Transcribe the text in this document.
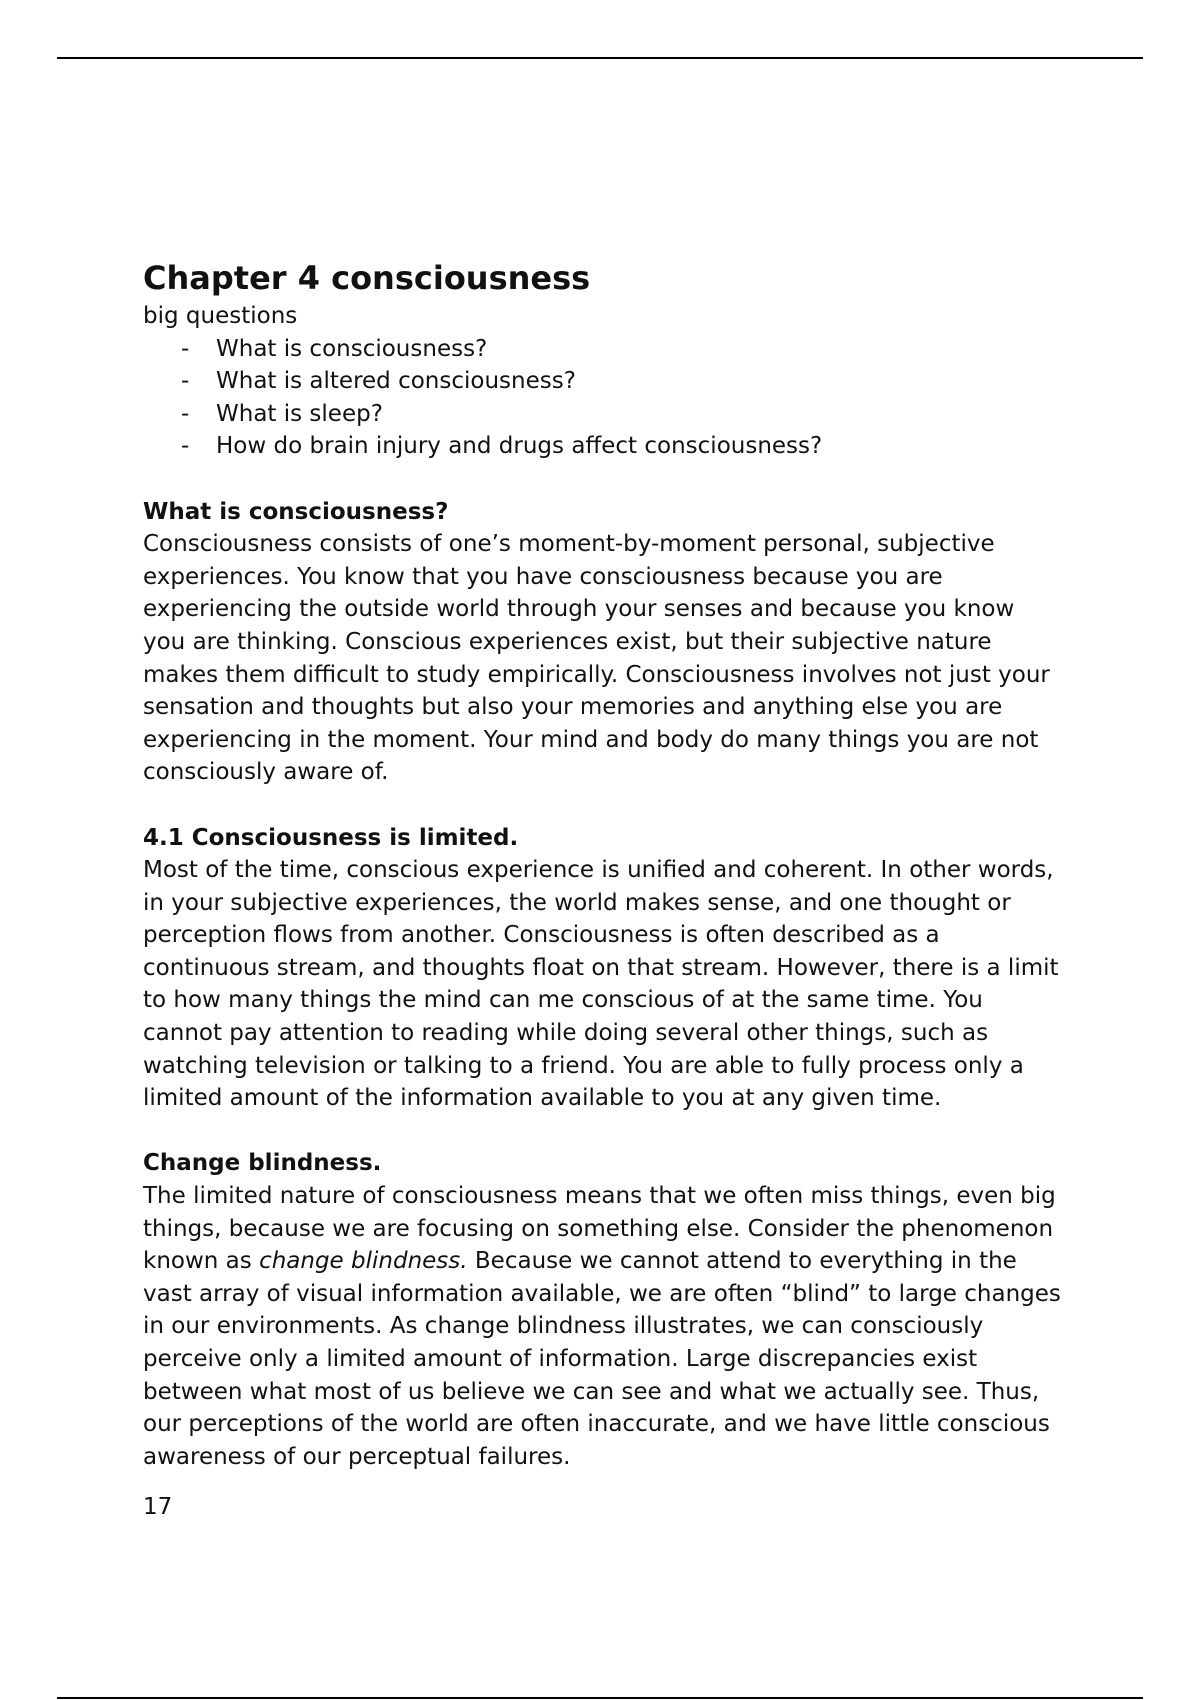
Chapter 4 consciousness

big questions

- What is consciousness?
- What is altered consciousness?
- What is sleep?
- How do brain injury and drugs affect consciousness?
What is consciousness?

Consciousness consists of one’s moment-by-moment personal, subjective experiences. You know that you have consciousness because you are experiencing the outside world through your senses and because you know you are thinking. Conscious experiences exist, but their subjective nature makes them difficult to study empirically. Consciousness involves not just your sensation and thoughts but also your memories and anything else you are experiencing in the moment. Your mind and body do many things you are not consciously aware of.

4.1 Consciousness is limited.

Most of the time, conscious experience is unified and coherent. In other words, in your subjective experiences, the world makes sense, and one thought or perception flows from another. Consciousness is often described as a continuous stream, and thoughts float on that stream. However, there is a limit to how many things the mind can me conscious of at the same time. You cannot pay attention to reading while doing several other things, such as watching television or talking to a friend. You are able to fully process only a limited amount of the information available to you at any given time.

Change blindness.

The limited nature of consciousness means that we often miss things, even big things, because we are focusing on something else. Consider the phenomenon known as change blindness. Because we cannot attend to everything in the vast array of visual information available, we are often “blind” to large changes in our environments. As change blindness illustrates, we can consciously perceive only a limited amount of information. Large discrepancies exist between what most of us believe we can see and what we actually see. Thus, our perceptions of the world are often inaccurate, and we have little conscious awareness of our perceptual failures.

17
